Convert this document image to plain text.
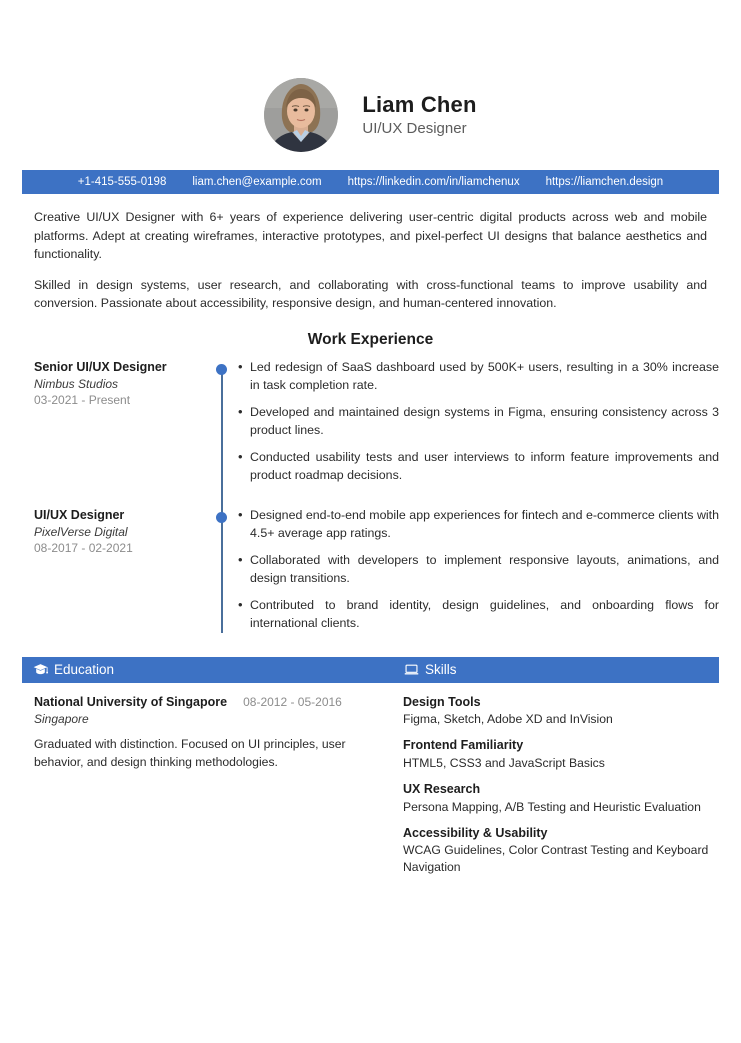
Liam Chen
UI/UX Designer
+1-415-555-0198 liam.chen@example.com https://linkedin.com/in/liamchenux https://liamchen.design

Creative UI/UX Designer with 6+ years of experience delivering user-centric digital products across web and mobile platforms. Adept at creating wireframes, interactive prototypes, and pixel-perfect UI designs that balance aesthetics and functionality.

Skilled in design systems, user research, and collaborating with cross-functional teams to improve usability and conversion. Passionate about accessibility, responsive design, and human-centered innovation.

Work Experience
Senior UI/UX Designer
Nimbus Studios
03-2021 - Present
• Led redesign of SaaS dashboard used by 500K+ users, resulting in a 30% increase in task completion rate.
• Developed and maintained design systems in Figma, ensuring consistency across 3 product lines.
• Conducted usability tests and user interviews to inform feature improvements and product roadmap decisions.
UI/UX Designer
PixelVerse Digital
08-2017 - 02-2021
• Designed end-to-end mobile app experiences for fintech and e-commerce clients with 4.5+ average app ratings.
• Collaborated with developers to implement responsive layouts, animations, and design transitions.
• Contributed to brand identity, design guidelines, and onboarding flows for international clients.
Education	Skills
National University of Singapore 08-2012 - 05-2016
Singapore
Graduated with distinction. Focused on UI principles, user behavior, and design thinking methodologies.
Design Tools
Figma, Sketch, Adobe XD and InVision
Frontend Familiarity
HTML5, CSS3 and JavaScript Basics
UX Research
Persona Mapping, A/B Testing and Heuristic Evaluation
Accessibility & Usability
WCAG Guidelines, Color Contrast Testing and Keyboard Navigation
